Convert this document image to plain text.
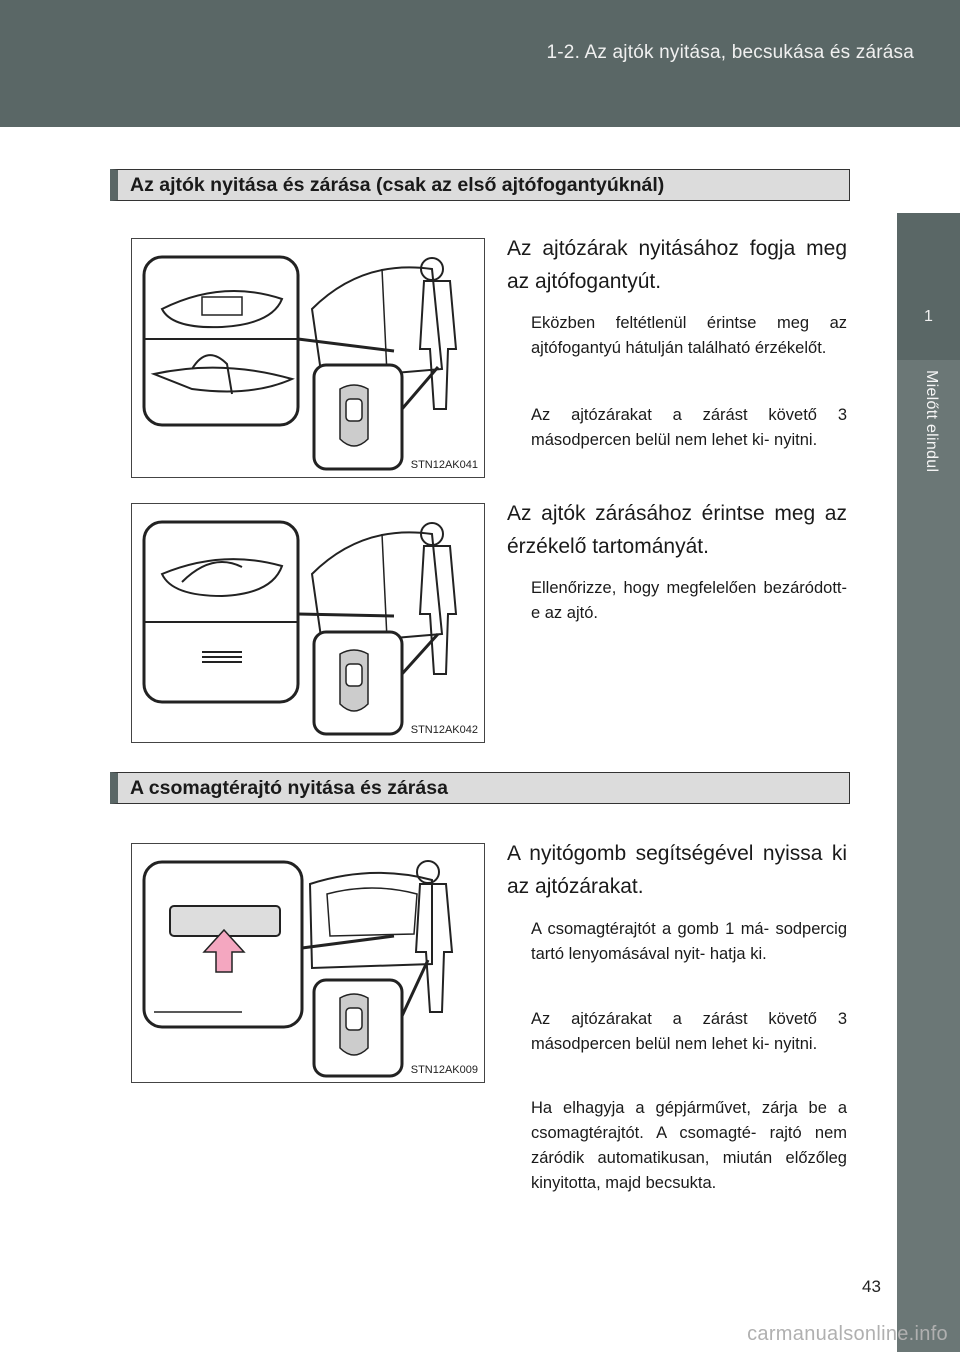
1-2. Az ajtók nyitása, becsukása és zárása
1
Mielőtt elindul
Az ajtók nyitása és zárása (csak az első ajtófogantyúknál)
STN12AK041

Az ajtózárak nyitásához fogja meg az ajtófogantyút.

Eközben feltétlenül érintse meg az ajtófogantyú hátulján található érzékelőt.

Az ajtózárakat a zárást követő 3 másodpercen belül nem lehet ki- nyitni.

STN12AK042

Az ajtók zárásához érintse meg az érzékelő tartományát.

Ellenőrizze, hogy megfelelően bezáródott-e az ajtó.

A csomagtérajtó nyitása és zárása
STN12AK009

A nyitógomb segítségével nyissa ki az ajtózárakat.

A csomagtérajtót a gomb 1 má- sodpercig tartó lenyomásával nyit- hatja ki.

Az ajtózárakat a zárást követő 3 másodpercen belül nem lehet ki- nyitni.

Ha elhagyja a gépjárművet, zárja be a csomagtérajtót. A csomagté- rajtó nem záródik automatikusan, miután előzőleg kinyitotta, majd becsukta.

43
carmanualsonline.info
